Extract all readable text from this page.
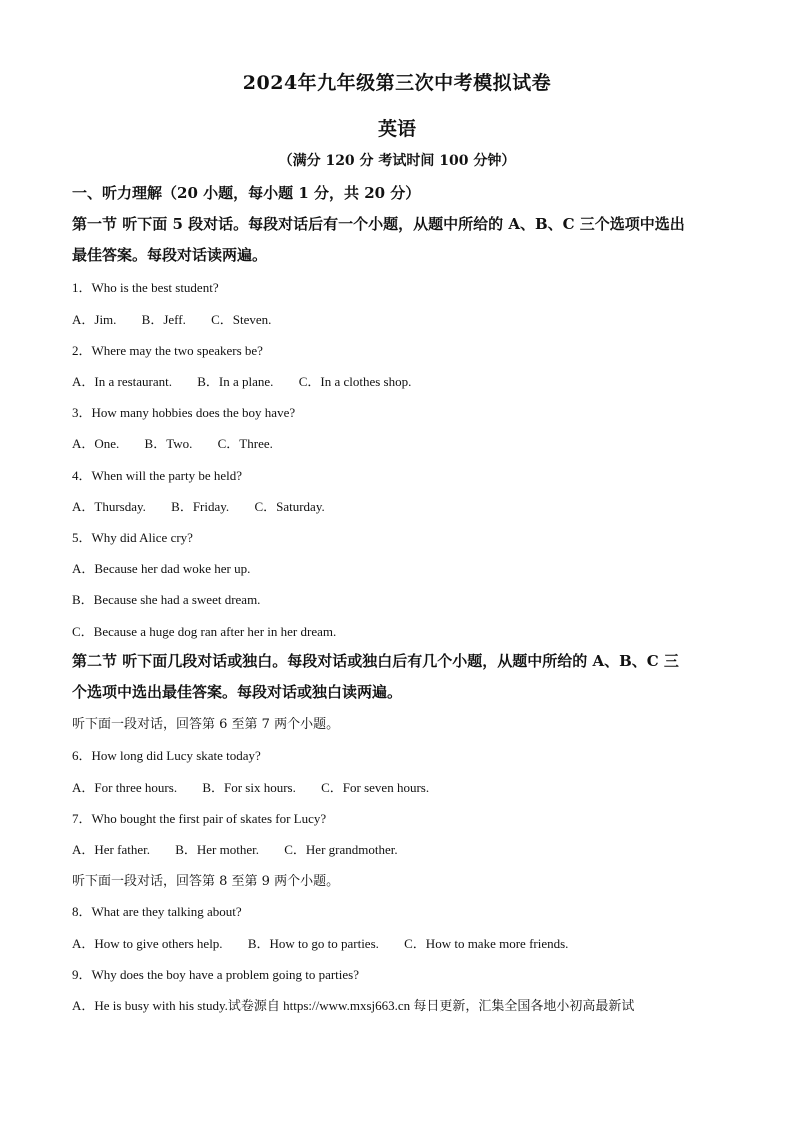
2024年九年级第三次中考模拟试卷
英语
（满分 120 分 考试时间 100 分钟）
一、听力理解（20 小题，每小题 1 分，共 20 分）
第一节 听下面 5 段对话。每段对话后有一个小题，从题中所给的 A、B、C 三个选项中选出
最佳答案。每段对话读两遍。
1．Who is the best student?
A．Jim. B．Jeff. C．Steven.
2．Where may the two speakers be?
A．In a restaurant. B．In a plane. C．In a clothes shop.
3．How many hobbies does the boy have?
A．One. B．Two. C．Three.
4．When will the party be held?
A．Thursday. B．Friday. C．Saturday.
5．Why did Alice cry?
A．Because her dad woke her up.
B．Because she had a sweet dream.
C．Because a huge dog ran after her in her dream.
第二节 听下面几段对话或独白。每段对话或独白后有几个小题，从题中所给的 A、B、C 三
个选项中选出最佳答案。每段对话或独白读两遍。
听下面一段对话，回答第 6 至第 7 两个小题。
6．How long did Lucy skate today?
A．For three hours. B．For six hours. C．For seven hours.
7．Who bought the first pair of skates for Lucy?
A．Her father. B．Her mother. C．Her grandmother.
听下面一段对话，回答第 8 至第 9 两个小题。
8．What are they talking about?
A．How to give others help. B．How to go to parties. C．How to make more friends.
9．Why does the boy have a problem going to parties?
A．He is busy with his study.试卷源自 https://www.mxsj663.cn 每日更新，汇集全国各地小初高最新试
